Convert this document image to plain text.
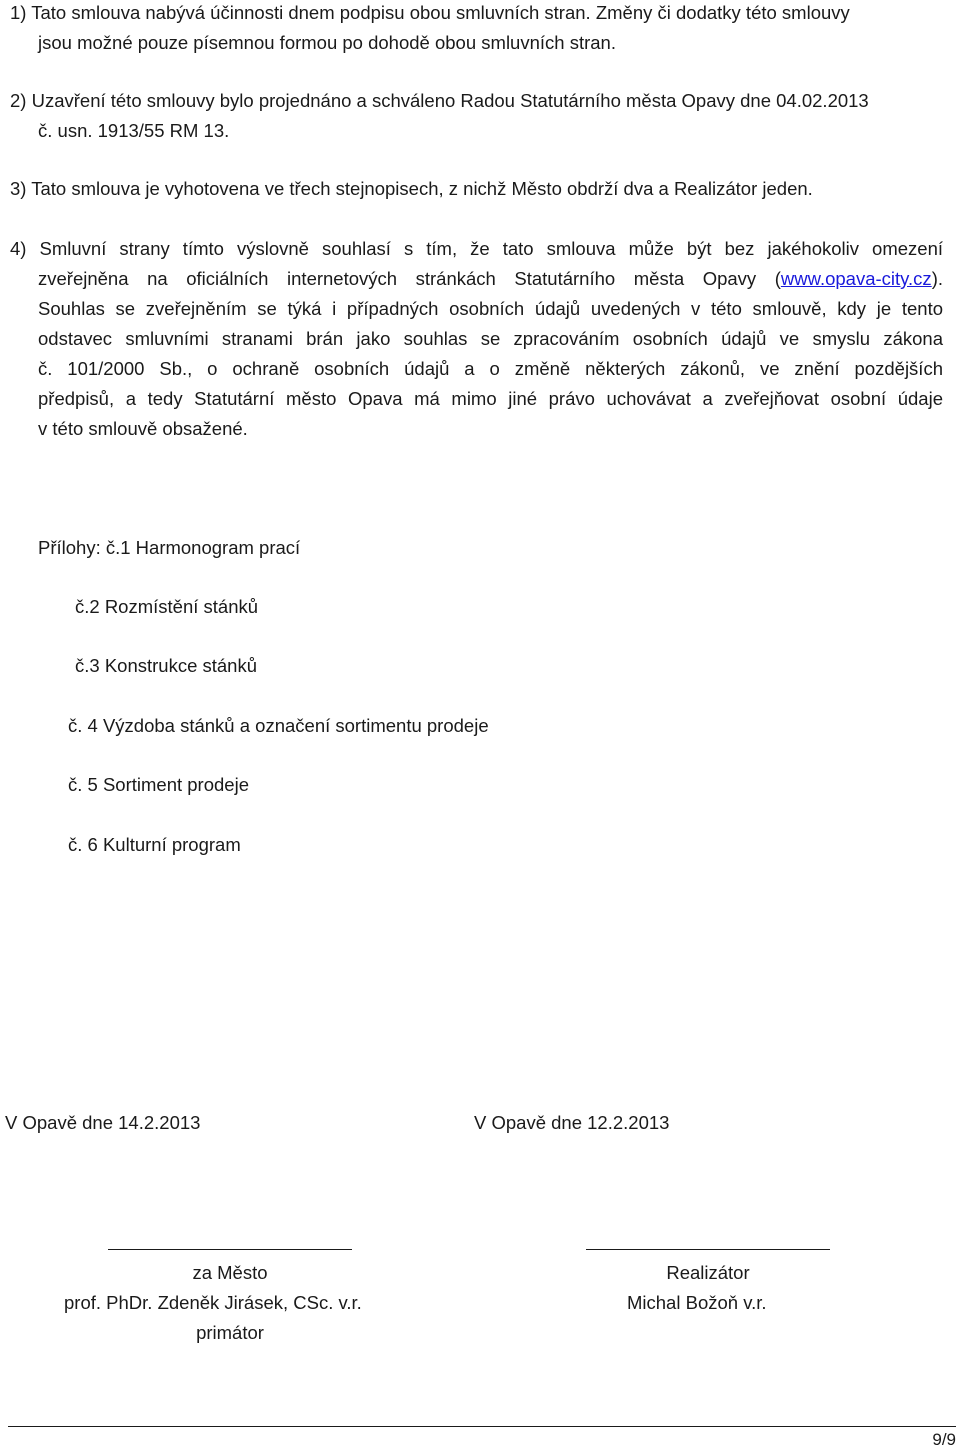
1) Tato smlouva nabývá účinnosti dnem podpisu obou smluvních stran. Změny či dodatky této smlouvy
jsou možné pouze písemnou formou po dohodě obou smluvních stran.
2) Uzavření této smlouvy bylo projednáno a schváleno Radou Statutárního města Opavy dne 04.02.2013
č. usn. 1913/55 RM 13.
3) Tato smlouva je vyhotovena ve třech stejnopisech, z nichž Město obdrží dva a Realizátor jeden.
4) Smluvní strany tímto výslovně souhlasí s tím, že tato smlouva může být bez jakéhokoliv omezení
zveřejněna na oficiálních internetových stránkách Statutárního města Opavy (www.opava-city.cz).
Souhlas se zveřejněním se týká i případných osobních údajů uvedených v této smlouvě, kdy je tento
odstavec smluvními stranami brán jako souhlas se zpracováním osobních údajů ve smyslu zákona
č. 101/2000 Sb., o ochraně osobních údajů a o změně některých zákonů, ve znění pozdějších
předpisů, a tedy Statutární město Opava má mimo jiné právo uchovávat a zveřejňovat osobní údaje
v této smlouvě obsažené.
Přílohy: č.1 Harmonogram prací
č.2 Rozmístění stánků
č.3 Konstrukce stánků
č. 4 Výzdoba stánků a označení sortimentu prodeje
č. 5 Sortiment prodeje
č. 6 Kulturní program
V Opavě dne 14.2.2013	V Opavě dne 12.2.2013
za Město
prof. PhDr. Zdeněk Jirásek, CSc. v.r.
primátor
Realizátor
Michal Božoň v.r.
9/9
